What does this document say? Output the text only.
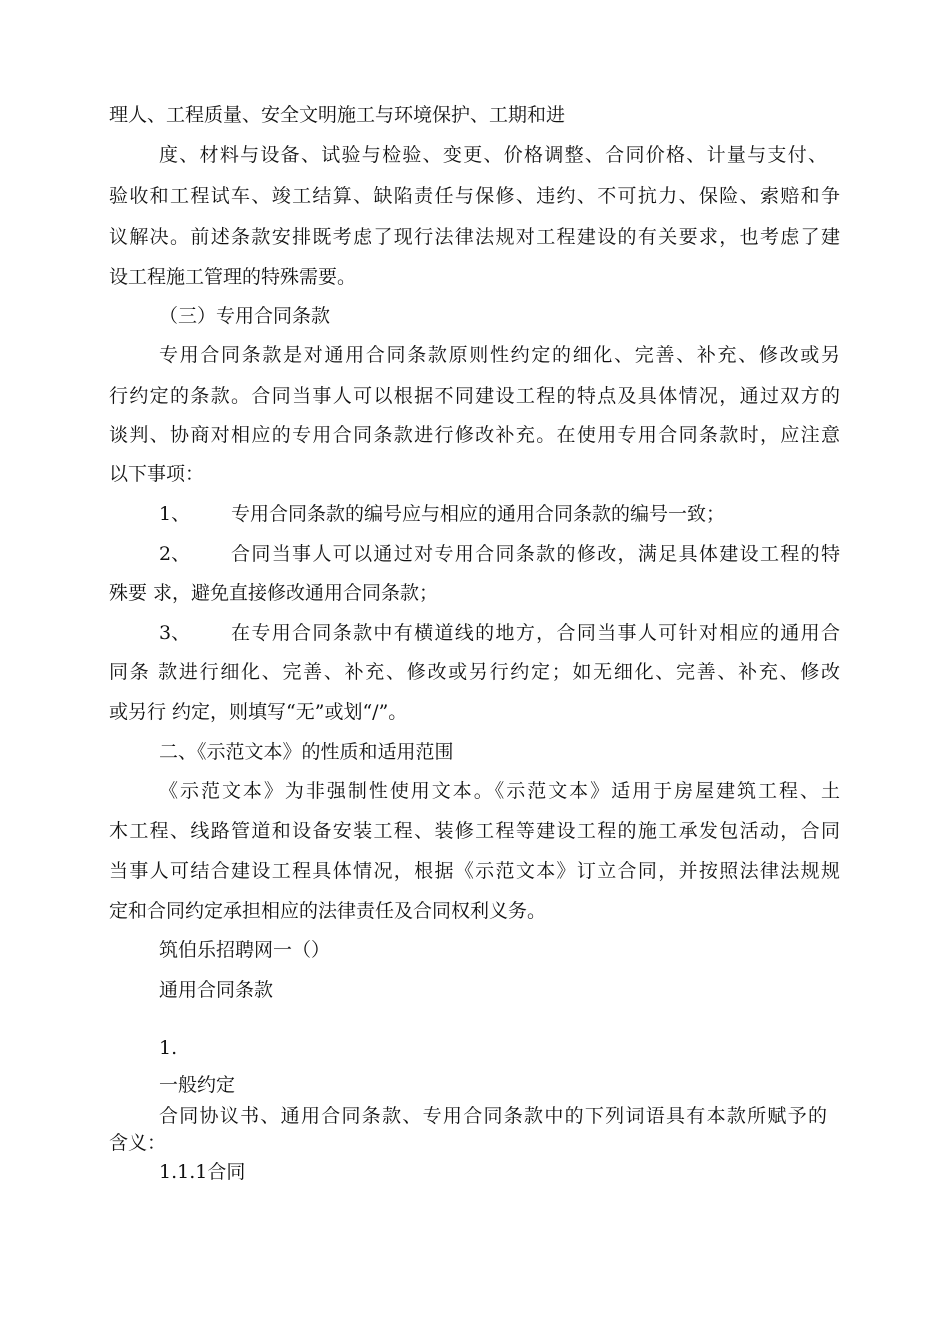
理人、工程质量、安全文明施工与环境保护、工期和进
度、材料与设备、试验与检验、变更、价格调整、合同价格、计量与支付、
验收和工程试车、竣工结算、缺陷责任与保修、违约、不可抗力、保险、索赔和争
议解决。前述条款安排既考虑了现行法律法规对工程建设的有关要求，也考虑了建
设工程施工管理的特殊需要。
（三）专用合同条款
专用合同条款是对通用合同条款原则性约定的细化、完善、补充、修改或另
行约定的条款。合同当事人可以根据不同建设工程的特点及具体情况，通过双方的
谈判、协商对相应的专用合同条款进行修改补充。在使用专用合同条款时，应注意
以下事项：
1、 专用合同条款的编号应与相应的通用合同条款的编号一致；
2、 合同当事人可以通过对专用合同条款的修改，满足具体建设工程的特
殊要 求，避免直接修改通用合同条款；
3、 在专用合同条款中有横道线的地方，合同当事人可针对相应的通用合
同条 款进行细化、完善、补充、修改或另行约定；如无细化、完善、补充、修改
或另行 约定，则填写“无”或划“/”。
二、《示范文本》的性质和适用范围
《示范文本》为非强制性使用文本。《示范文本》适用于房屋建筑工程、土
木工程、线路管道和设备安装工程、装修工程等建设工程的施工承发包活动，合同
当事人可结合建设工程具体情况，根据《示范文本》订立合同，并按照法律法规规
定和合同约定承担相应的法律责任及合同权利义务。
筑伯乐招聘网一（）
通用合同条款
1.
一般约定
合同协议书、通用合同条款、专用合同条款中的下列词语具有本款所赋予的
含义：
1.1.1合同
